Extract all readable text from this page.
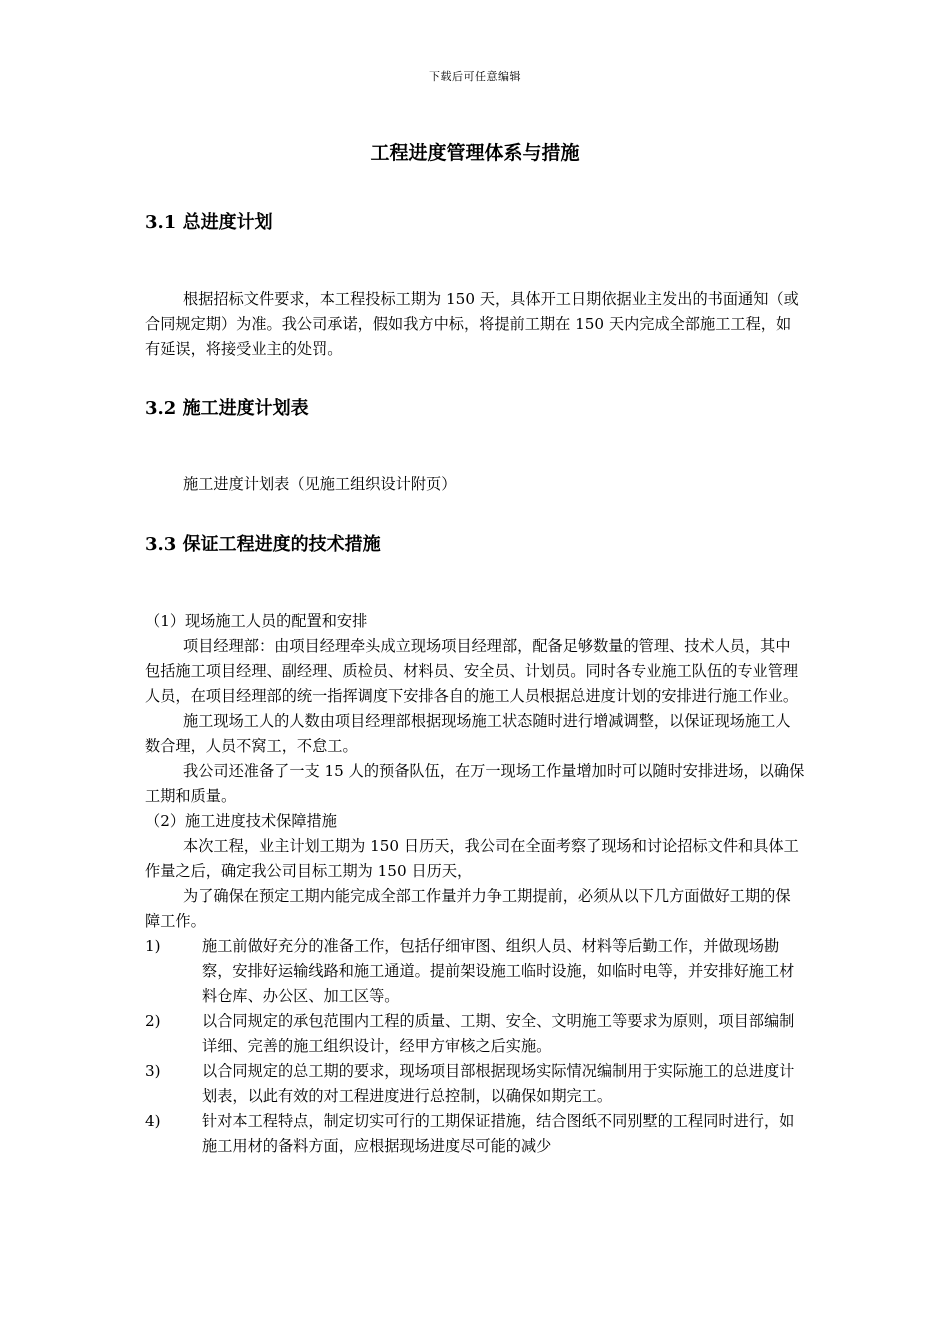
下载后可任意编辑
工程进度管理体系与措施
3.1 总进度计划

根据招标文件要求，本工程投标工期为 150 天，具体开工日期依据业主发出的书面通知（或合同规定期）为准。我公司承诺，假如我方中标，将提前工期在 150 天内完成全部施工工程，如有延误，将接受业主的处罚。

3.2 施工进度计划表

施工进度计划表（见施工组织设计附页）

3.3 保证工程进度的技术措施

（1）现场施工人员的配置和安排

项目经理部：由项目经理牵头成立现场项目经理部，配备足够数量的管理、技术人员，其中包括施工项目经理、副经理、质检员、材料员、安全员、计划员。同时各专业施工队伍的专业管理人员，在项目经理部的统一指挥调度下安排各自的施工人员根据总进度计划的安排进行施工作业。

施工现场工人的人数由项目经理部根据现场施工状态随时进行增减调整，以保证现场施工人数合理，人员不窝工，不怠工。

我公司还准备了一支 15 人的预备队伍，在万一现场工作量增加时可以随时安排进场，以确保工期和质量。

（2）施工进度技术保障措施

本次工程，业主计划工期为 150 日历天，我公司在全面考察了现场和讨论招标文件和具体工作量之后，确定我公司目标工期为 150 日历天，

为了确保在预定工期内能完成全部工作量并力争工期提前，必须从以下几方面做好工期的保障工作。

1)	施工前做好充分的准备工作，包括仔细审图、组织人员、材料等后勤工作，并做现场勘察，安排好运输线路和施工通道。提前架设施工临时设施，如临时电等，并安排好施工材料仓库、办公区、加工区等。
2)	以合同规定的承包范围内工程的质量、工期、安全、文明施工等要求为原则，项目部编制详细、完善的施工组织设计，经甲方审核之后实施。
3)	以合同规定的总工期的要求，现场项目部根据现场实际情况编制用于实际施工的总进度计划表，以此有效的对工程进度进行总控制，以确保如期完工。
4)	针对本工程特点，制定切实可行的工期保证措施，结合图纸不同别墅的工程同时进行，如施工用材的备料方面，应根据现场进度尽可能的减少
